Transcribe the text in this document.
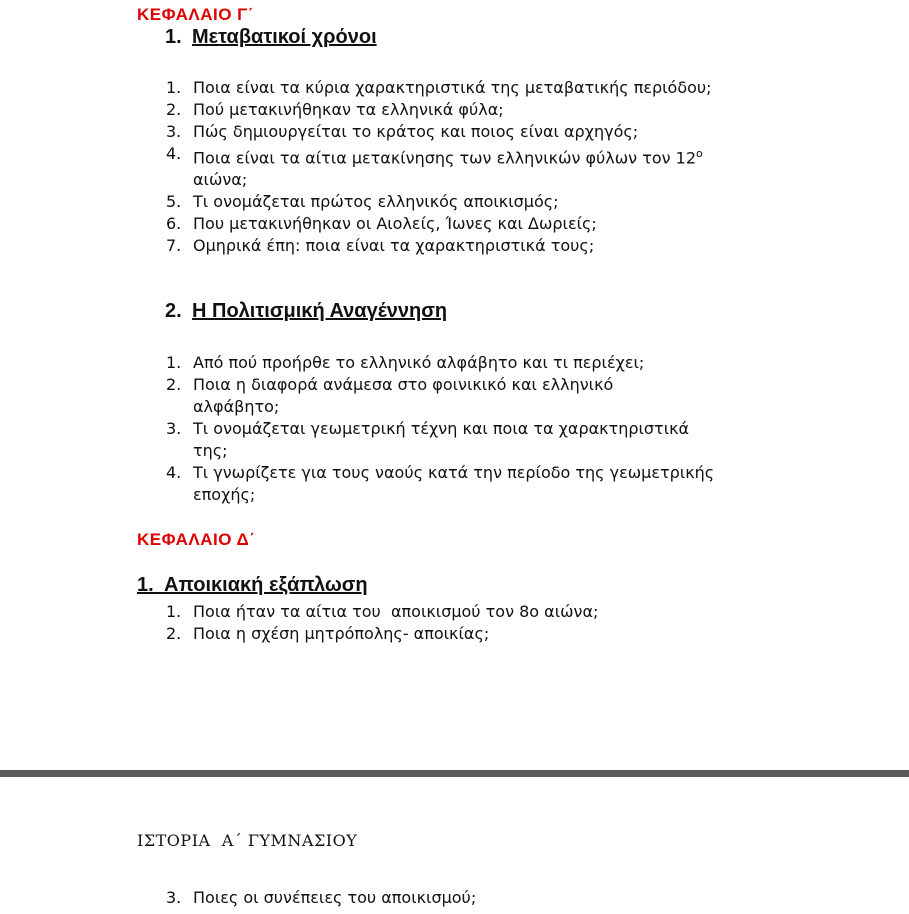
ΚΕΦΑΛΑΙΟ Γ΄
1. Μεταβατικοί χρόνοι
1. Ποια είναι τα κύρια χαρακτηριστικά της μεταβατικής περιόδου;
2. Πού μετακινήθηκαν τα ελληνικά φύλα;
3. Πώς δημιουργείται το κράτος και ποιος είναι αρχηγός;
4. Ποια είναι τα αίτια μετακίνησης των ελληνικών φύλων τον $12^o$
αιώνα;
5. Τι ονομάζεται πρώτος ελληνικός αποικισμός;
6. Που μετακινήθηκαν οι Αιολείς, Ίωνες και Δωριείς;
7. Ομηρικά έπη: ποια είναι τα χαρακτηριστικά τους;
2. Η Πολιτισμική Αναγέννηση
1. Από πού προήρθε το ελληνικό αλφάβητο και τι περιέχει;
2. Ποια η διαφορά ανάμεσα στο φοινικικό και ελληνικό
αλφάβητο;
3. Τι ονομάζεται γεωμετρική τέχνη και ποια τα χαρακτηριστικά
της;
4. Τι γνωρίζετε για τους ναούς κατά την περίοδο της γεωμετρικής
εποχής;
ΚΕΦΑΛΑΙΟ Δ΄
1.  Αποικιακή εξάπλωση
1. Ποια ήταν τα αίτια του  αποικισμού τον 8ο αιώνα;
2. Ποια η σχέση μητρόπολης- αποικίας;
ΙΣΤΟΡΙΑ  Α΄ ΓΥΜΝΑΣΙΟΥ
3. Ποιες οι συνέπειες του αποικισμού;
